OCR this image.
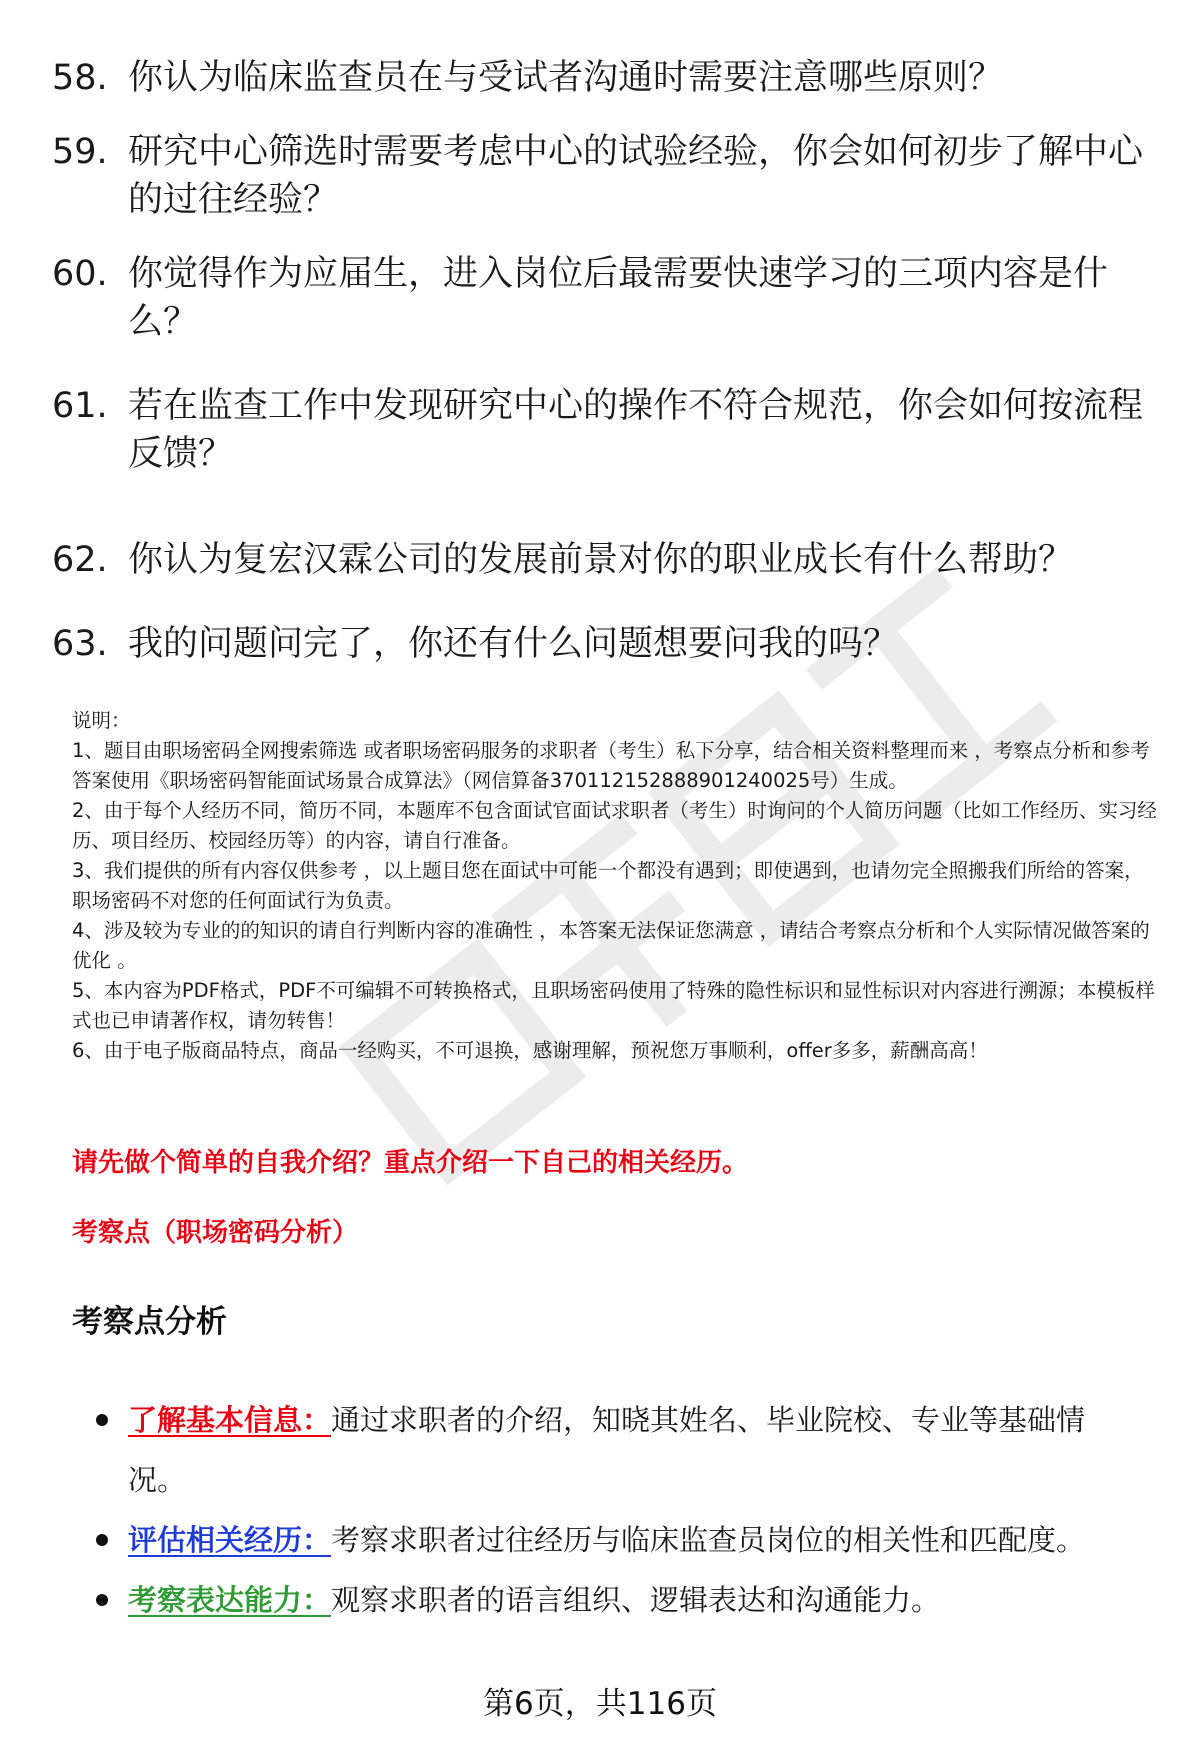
58. 你认为临床监查员在与受试者沟通时需要注意哪些原则？
59. 研究中心筛选时需要考虑中心的试验经验，你会如何初步了解中心的过往经验？
60. 你觉得作为应届生，进入岗位后最需要快速学习的三项内容是什么？
61. 若在监查工作中发现研究中心的操作不符合规范，你会如何按流程反馈？
62. 你认为复宏汉霖公司的发展前景对你的职业成长有什么帮助？
63. 我的问题问完了，你还有什么问题想要问我的吗？

说明：

1、题目由职场密码全网搜索筛选 或者职场密码服务的求职者（考生）私下分享，结合相关资料整理而来 ，考察点分析和参考答案使用《职场密码智能面试场景合成算法》（网信算备370112152888901240025号）生成。

2、由于每个人经历不同，简历不同，本题库不包含面试官面试求职者（考生）时询问的个人简历问题（比如工作经历、实习经历、项目经历、校园经历等）的内容，请自行准备。

3、我们提供的所有内容仅供参考 ，以上题目您在面试中可能一个都没有遇到；即使遇到，也请勿完全照搬我们所给的答案，职场密码不对您的任何面试行为负责。

4、涉及较为专业的的知识的请自行判断内容的准确性 ，本答案无法保证您满意 ，请结合考察点分析和个人实际情况做答案的优化 。

5、本内容为PDF格式，PDF不可编辑不可转换格式，且职场密码使用了特殊的隐性标识和显性标识对内容进行溯源；本模板样式也已申请著作权，请勿转售！

6、由于电子版商品特点，商品一经购买，不可退换，感谢理解，预祝您万事顺利，offer多多，薪酬高高！

请先做个简单的自我介绍？重点介绍一下自己的相关经历。
考察点（职场密码分析）
考察点分析
了解基本信息：通过求职者的介绍，知晓其姓名、毕业院校、专业等基础情况。
评估相关经历：考察求职者过往经历与临床监查员岗位的相关性和匹配度。
考察表达能力：观察求职者的语言组织、逻辑表达和沟通能力。
第6页，共116页
